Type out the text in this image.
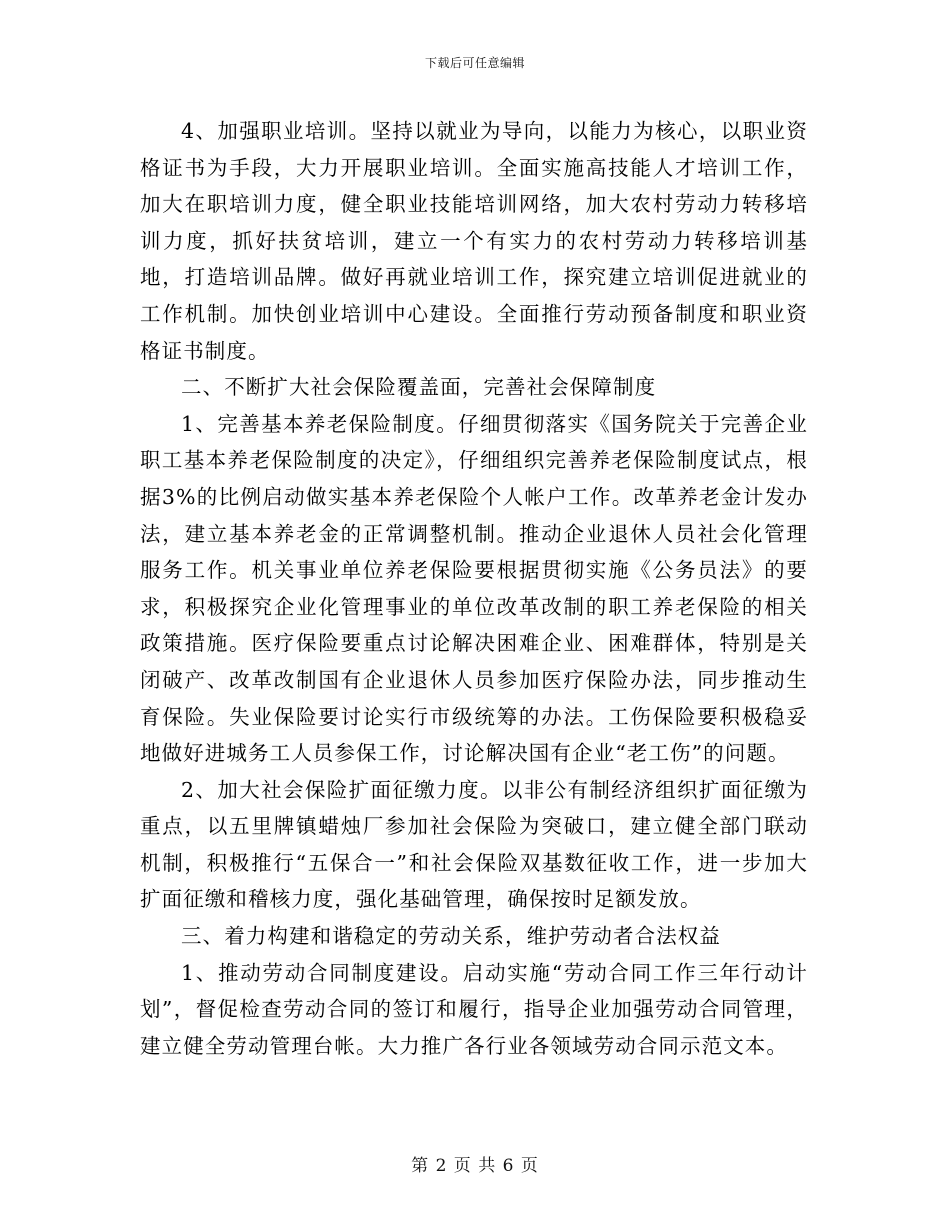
下载后可任意编辑

4、加强职业培训。坚持以就业为导向，以能力为核心，以职业资格证书为手段，大力开展职业培训。全面实施高技能人才培训工作，加大在职培训力度，健全职业技能培训网络，加大农村劳动力转移培训力度，抓好扶贫培训，建立一个有实力的农村劳动力转移培训基地，打造培训品牌。做好再就业培训工作，探究建立培训促进就业的工作机制。加快创业培训中心建设。全面推行劳动预备制度和职业资格证书制度。

二、不断扩大社会保险覆盖面，完善社会保障制度

1、完善基本养老保险制度。仔细贯彻落实《国务院关于完善企业职工基本养老保险制度的决定》，仔细组织完善养老保险制度试点，根据3%的比例启动做实基本养老保险个人帐户工作。改革养老金计发办法，建立基本养老金的正常调整机制。推动企业退休人员社会化管理服务工作。机关事业单位养老保险要根据贯彻实施《公务员法》的要求，积极探究企业化管理事业的单位改革改制的职工养老保险的相关政策措施。医疗保险要重点讨论解决困难企业、困难群体，特别是关闭破产、改革改制国有企业退休人员参加医疗保险办法，同步推动生育保险。失业保险要讨论实行市级统筹的办法。工伤保险要积极稳妥地做好进城务工人员参保工作，讨论解决国有企业“老工伤”的问题。

2、加大社会保险扩面征缴力度。以非公有制经济组织扩面征缴为重点，以五里牌镇蜡烛厂参加社会保险为突破口，建立健全部门联动机制，积极推行“五保合一”和社会保险双基数征收工作，进一步加大扩面征缴和稽核力度，强化基础管理，确保按时足额发放。

三、着力构建和谐稳定的劳动关系，维护劳动者合法权益

1、推动劳动合同制度建设。启动实施“劳动合同工作三年行动计划”，督促检查劳动合同的签订和履行，指导企业加强劳动合同管理，建立健全劳动管理台帐。大力推广各行业各领域劳动合同示范文本。

第 2 页 共 6 页
